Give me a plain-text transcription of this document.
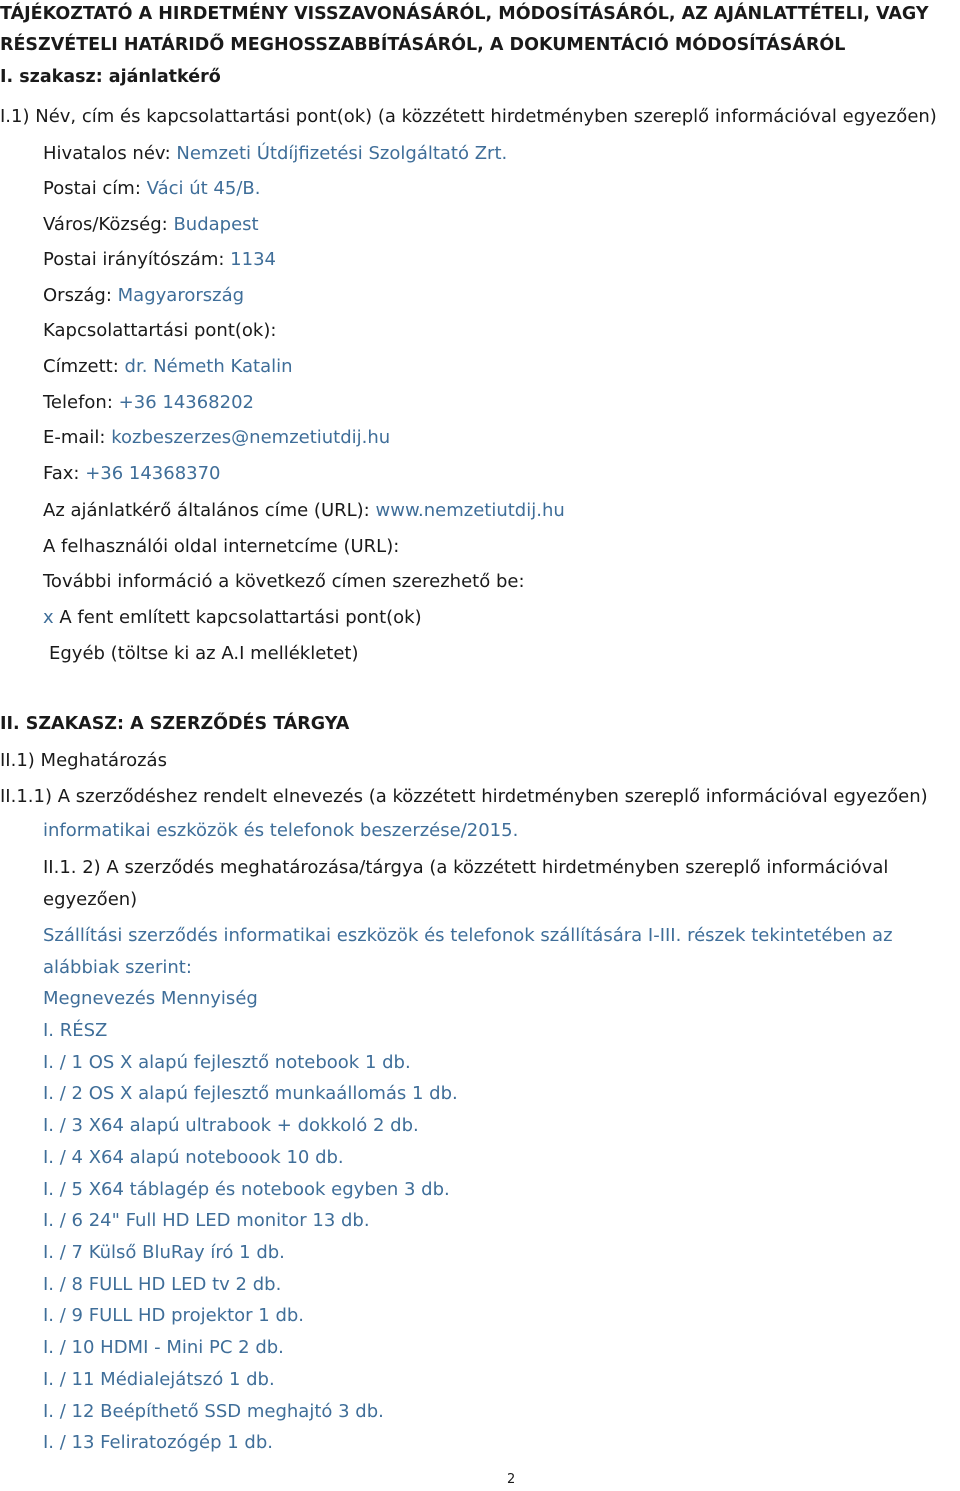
TÁJÉKOZTATÓ A HIRDETMÉNY VISSZAVONÁSÁRÓL, MÓDOSÍTÁSÁRÓL, AZ AJÁNLATTÉTELI, VAGY
RÉSZVÉTELI HATÁRIDŐ MEGHOSSZABBÍTÁSÁRÓL, A DOKUMENTÁCIÓ MÓDOSÍTÁSÁRÓL
I. szakasz: ajánlatkérő
I.1) Név, cím és kapcsolattartási pont(ok) (a közzétett hirdetményben szereplő információval egyezően)
Hivatalos név: Nemzeti Útdíjfizetési Szolgáltató Zrt.
Postai cím: Váci út 45/B.
Város/Község: Budapest
Postai irányítószám: 1134
Ország: Magyarország
Kapcsolattartási pont(ok):
Címzett: dr. Németh Katalin
Telefon: +36 14368202
E-mail: kozbeszerzes@nemzetiutdij.hu
Fax: +36 14368370
Az ajánlatkérő általános címe (URL): www.nemzetiutdij.hu
A felhasználói oldal internetcíme (URL):
További információ a következő címen szerezhető be:
x A fent említett kapcsolattartási pont(ok)
Egyéb (töltse ki az A.I mellékletet)
II. SZAKASZ: A SZERZŐDÉS TÁRGYA
II.1) Meghatározás
II.1.1) A szerződéshez rendelt elnevezés (a közzétett hirdetményben szereplő információval egyezően)
informatikai eszközök és telefonok beszerzése/2015.
II.1. 2) A szerződés meghatározása/tárgya (a közzétett hirdetményben szereplő információval
egyezően)
Szállítási szerződés informatikai eszközök és telefonok szállítására I-III. részek tekintetében az
alábbiak szerint:
Megnevezés Mennyiség
I. RÉSZ
I. / 1 OS X alapú fejlesztő notebook 1 db.
I. / 2 OS X alapú fejlesztő munkaállomás 1 db.
I. / 3 X64 alapú ultrabook + dokkoló 2 db.
I. / 4 X64 alapú noteboook 10 db.
I. / 5 X64 táblagép és notebook egyben 3 db.
I. / 6 24" Full HD LED monitor 13 db.
I. / 7 Külső BluRay író 1 db.
I. / 8 FULL HD LED tv 2 db.
I. / 9 FULL HD projektor 1 db.
I. / 10 HDMI - Mini PC 2 db.
I. / 11 Médialejátszó 1 db.
I. / 12 Beépíthető SSD meghajtó 3 db.
I. / 13 Feliratozógép 1 db.
2
